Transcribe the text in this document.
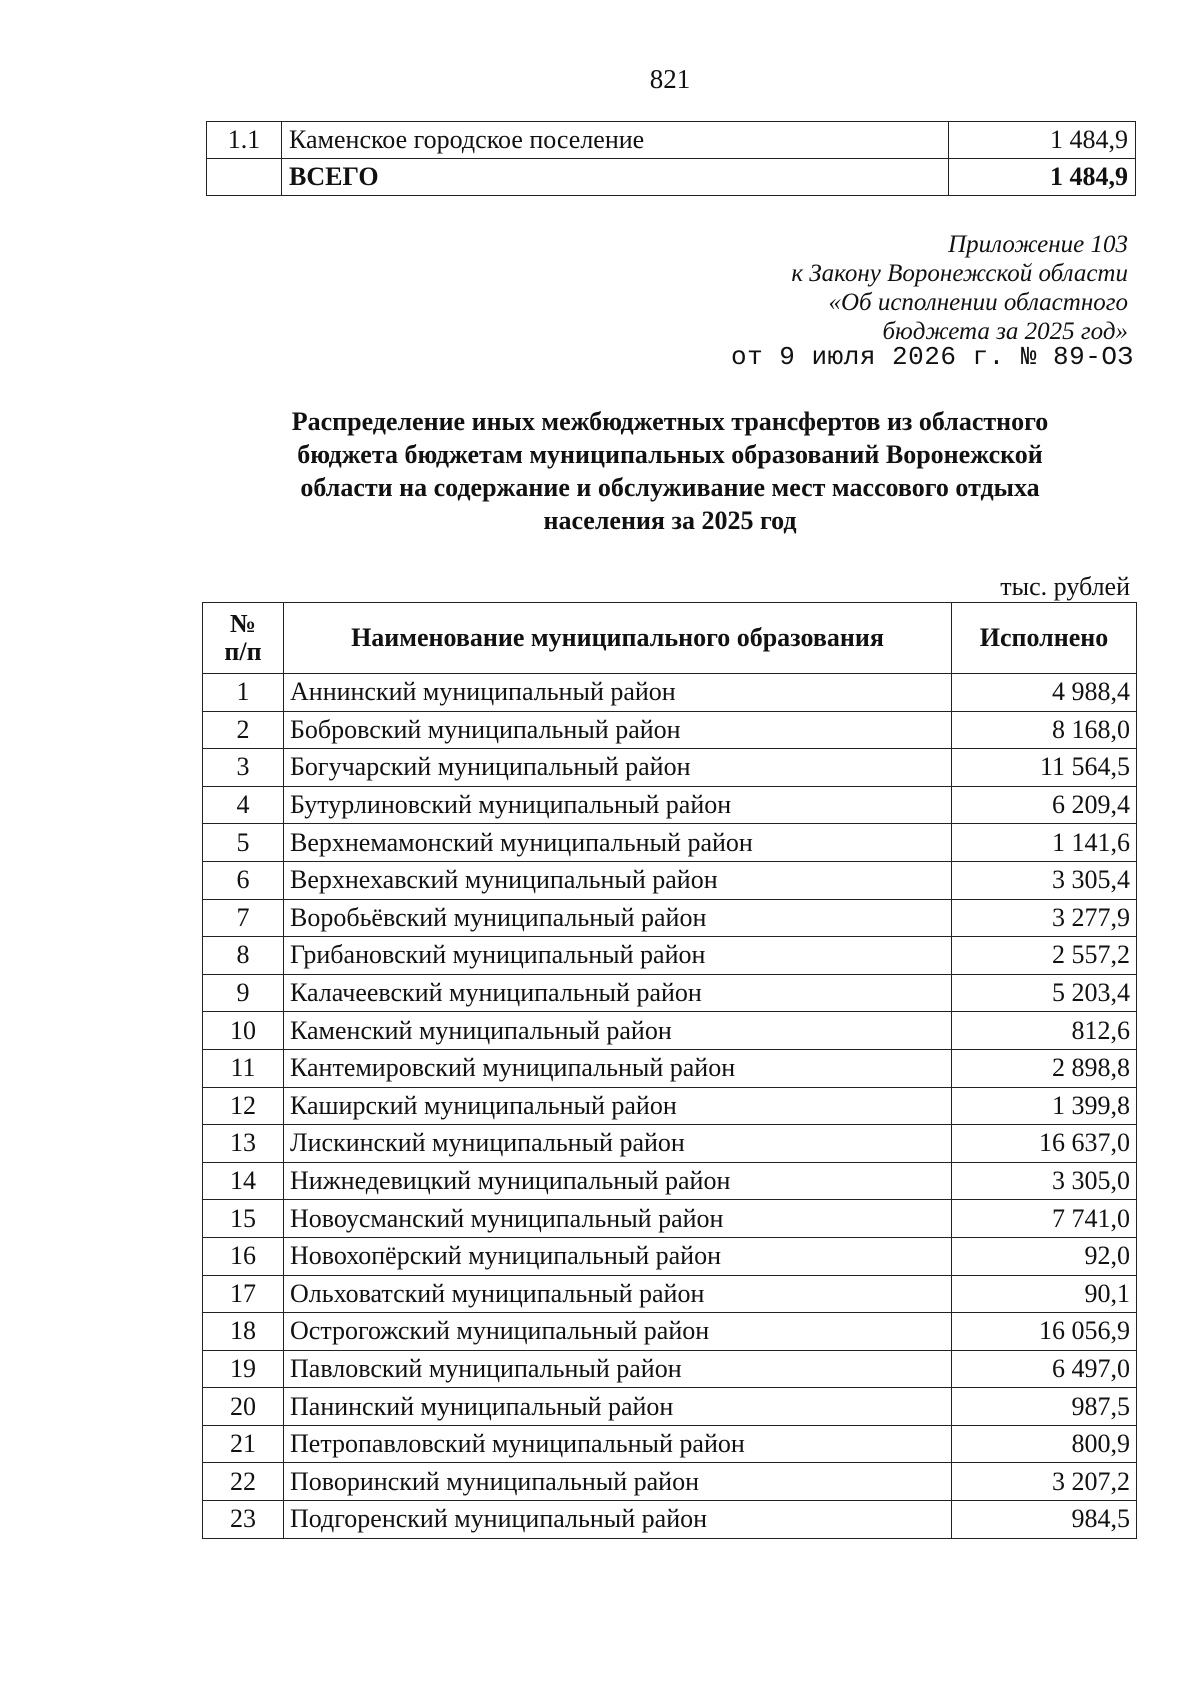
821
1.1	Каменское городское поселение	1 484,9
	ВСЕГО	1 484,9
Приложение 103
к Закону Воронежской области
«Об исполнении областного
бюджета за 2025 год»
от 9 июля 2026 г. № 89-ОЗ
Распределение иных межбюджетных трансфертов из областного
бюджета бюджетам муниципальных образований Воронежской
области на содержание и обслуживание мест массового отдыха
населения за 2025 год
тыс. рублей
№
п/п	Наименование муниципального образования	Исполнено
1	Аннинский муниципальный район	4 988,4
2	Бобровский муниципальный район	8 168,0
3	Богучарский муниципальный район	11 564,5
4	Бутурлиновский муниципальный район	6 209,4
5	Верхнемамонский муниципальный район	1 141,6
6	Верхнехавский муниципальный район	3 305,4
7	Воробьёвский муниципальный район	3 277,9
8	Грибановский муниципальный район	2 557,2
9	Калачеевский муниципальный район	5 203,4
10	Каменский муниципальный район	812,6
11	Кантемировский муниципальный район	2 898,8
12	Каширский муниципальный район	1 399,8
13	Лискинский муниципальный район	16 637,0
14	Нижнедевицкий муниципальный район	3 305,0
15	Новоусманский муниципальный район	7 741,0
16	Новохопёрский муниципальный район	92,0
17	Ольховатский муниципальный район	90,1
18	Острогожский муниципальный район	16 056,9
19	Павловский муниципальный район	6 497,0
20	Панинский муниципальный район	987,5
21	Петропавловский муниципальный район	800,9
22	Поворинский муниципальный район	3 207,2
23	Подгоренский муниципальный район	984,5
